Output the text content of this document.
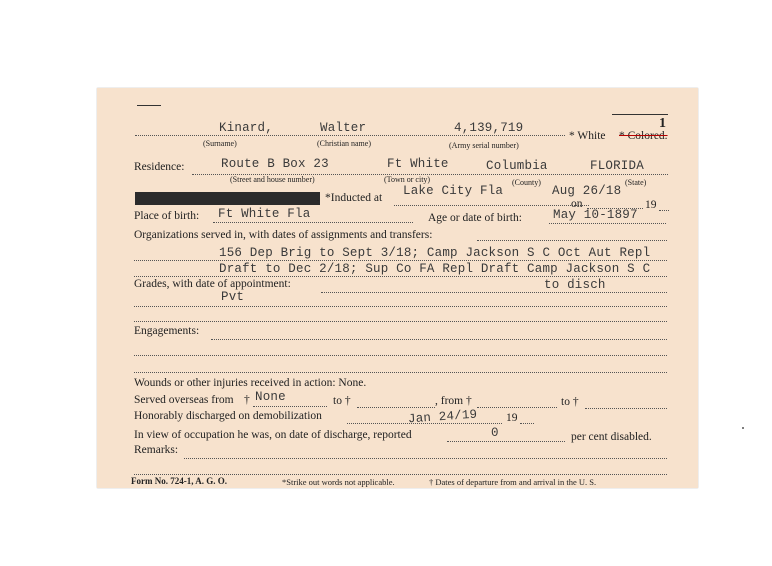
1
Kinard,	Walter	4,139,719
* White * Colored.
(Surname)	(Christian name)	(Army serial number)
Residence:	Route B Box 23	Ft White	Columbia	FLORIDA
(Street and house number)	(Town or city)	(County)	(State)
. *Inducted at Lake City Fla	Aug 26/18
on	19
Place of birth: Ft White Fla	Age or date of birth: May 10-1897
Organizations served in, with dates of assignments and transfers:
156 Dep Brig to Sept 3/18; Camp Jackson S C Oct Aut Repl
Draft to Dec 2/18; Sup Co FA Repl Draft Camp Jackson S C
Grades, with date of appointment:	to disch
Pvt
Engagements:
Wounds or other injuries received in action: None.
Served overseas from † None	to †	, from †	to †
Honorably discharged on demobilization	Jan 24/19 19
In view of occupation he was, on date of discharge, reported	0	per cent disabled.
Remarks:
Form No. 724-1, A. G. O.	*Strike out words not applicable.	† Dates of departure from and arrival in the U. S.
